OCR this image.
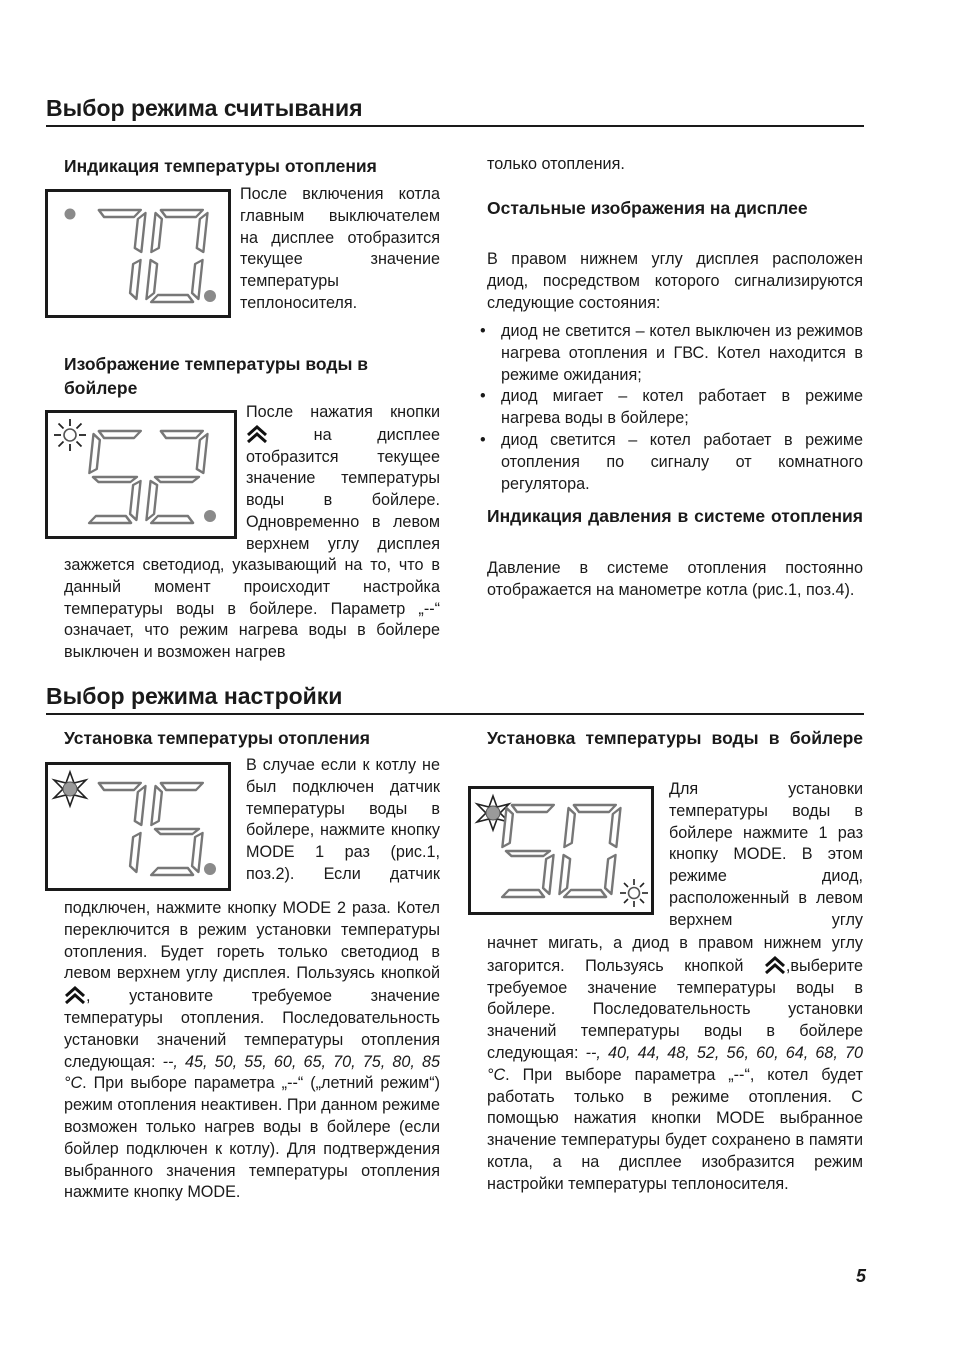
Выбор режима считывания
Индикация температуры отопления

После включения котла главным выключателем на дисплее отобразится текущее значение температуры теплоносителя.

Изображение температуры воды в бойлере

После нажатия кнопки  на дисплее отобразится текущее значение температуры воды в бойлере. Одновременно в левом верхнем углу дисплея

зажжется светодиод, указывающий на то, что в данный момент происходит настройка температуры воды в бойлере. Параметр „--“ означает, что режим нагрева воды в бойлере выключен и возможен нагрев

только отопления.

Остальные изображения на дисплее

В правом нижнем углу дисплея расположен диод, посредством которого сигнализируются следующие состояния:

• диод не светится – котел выключен из режимов нагрева отопления и ГВС. Котел находится в режиме ожидания;
• диод мигает – котел работает в режиме нагрева воды в бойлере;
• диод светится – котел работает в режиме отопления по сигналу от комнатного регулятора.
Индикация давления в системе отопления

Давление в системе отопления постоянно отображается на манометре котла (рис.1, поз.4).

Выбор режима настройки
Установка температуры отопления

В случае если к котлу не был подключен датчик температуры воды в бойлере, нажмите кнопку MODE 1 раз (рис.1, поз.2). Если датчик

подключен, нажмите кнопку MODE 2 раза. Котел переключится в режим установки температуры отопления. Будет гореть только светодиод в левом верхнем углу дисплея. Пользуясь кнопкой , установите требуемое значение температуры отопления. Последовательность установки значений температуры отопления следующая: --, 45, 50, 55, 60, 65, 70, 75, 80, 85 °C. При выборе параметра „--“ („летний режим“) режим отопления неактивен. При данном режиме возможен только нагрев воды в бойлере (если бойлер подключен к котлу). Для подтверждения выбранного значения температуры отопления нажмите кнопку MODE.

Установка температуры воды в бойлере

Для установки температуры воды в бойлере нажмите 1 раз кнопку MODE. В этом режиме диод, расположенный в левом верхнем углу

начнет мигать, а диод в правом нижнем углу загорится. Пользуясь кнопкой	,выберите требуемое значение температуры воды в бойлере. Последовательность установки значений температуры воды в бойлере следующая: --, 40, 44, 48, 52, 56, 60, 64, 68, 70 °C. При выборе параметра „--“, котел будет работать только в режиме отопления. С помощью нажатия кнопки MODE выбранное значение температуры будет сохранено в памяти котла, а на дисплее изобразится режим настройки температуры теплоносителя.

5
